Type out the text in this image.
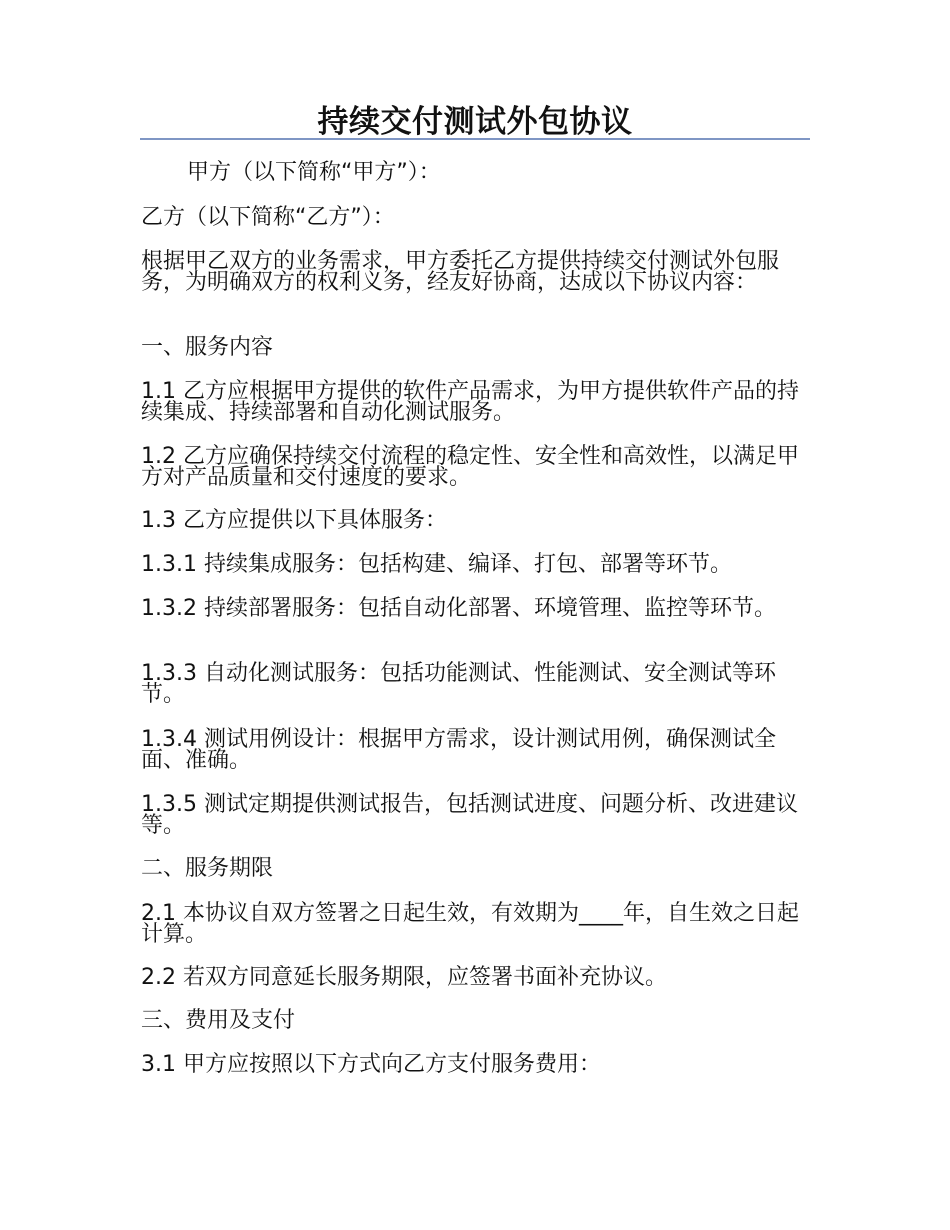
持续交付测试外包协议

甲方（以下简称“甲方”）：

乙方（以下简称“乙方”）：

根据甲乙双方的业务需求，甲方委托乙方提供持续交付测试外包服务，为明确双方的权利义务，经友好协商，达成以下协议内容：

一、服务内容

1.1 乙方应根据甲方提供的软件产品需求，为甲方提供软件产品的持续集成、持续部署和自动化测试服务。

1.2 乙方应确保持续交付流程的稳定性、安全性和高效性，以满足甲方对产品质量和交付速度的要求。

1.3 乙方应提供以下具体服务：

1.3.1 持续集成服务：包括构建、编译、打包、部署等环节。

1.3.2 持续部署服务：包括自动化部署、环境管理、监控等环节。

1.3.3 自动化测试服务：包括功能测试、性能测试、安全测试等环节。

1.3.4 测试用例设计：根据甲方需求，设计测试用例，确保测试全面、准确。

1.3.5 测试定期提供测试报告，包括测试进度、问题分析、改进建议等。

二、服务期限

2.1 本协议自双方签署之日起生效，有效期为____年，自生效之日起计算。

2.2 若双方同意延长服务期限，应签署书面补充协议。

三、费用及支付

3.1 甲方应按照以下方式向乙方支付服务费用：
